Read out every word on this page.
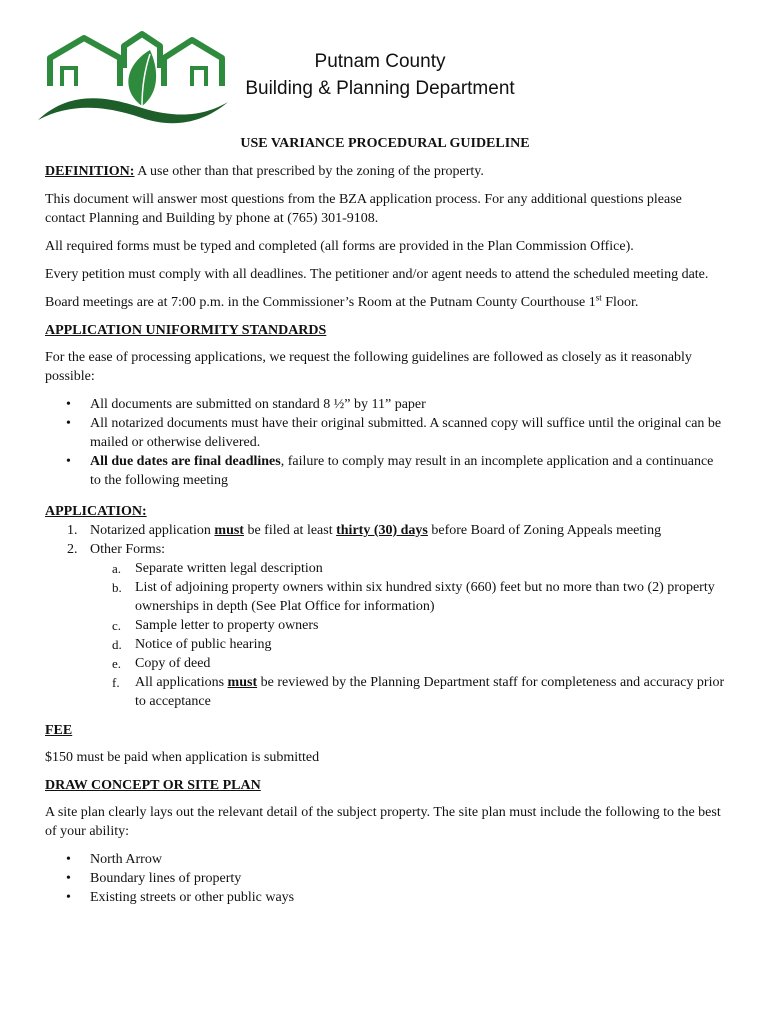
Putnam County
Building & Planning Department
USE VARIANCE PROCEDURAL GUIDELINE

DEFINITION: A use other than that prescribed by the zoning of the property.

This document will answer most questions from the BZA application process. For any additional questions please contact Planning and Building by phone at (765) 301-9108.

All required forms must be typed and completed (all forms are provided in the Plan Commission Office).

Every petition must comply with all deadlines. The petitioner and/or agent needs to attend the scheduled meeting date.

Board meetings are at 7:00 p.m. in the Commissioner’s Room at the Putnam County Courthouse 1st Floor.

APPLICATION UNIFORMITY STANDARDS

For the ease of processing applications, we request the following guidelines are followed as closely as it reasonably possible:

• All documents are submitted on standard 8 ½” by 11” paper
• All notarized documents must have their original submitted. A scanned copy will suffice until the original can be mailed or otherwise delivered.
• All due dates are final deadlines, failure to comply may result in an incomplete application and a continuance to the following meeting
APPLICATION:
1. Notarized application must be filed at least thirty (30) days before Board of Zoning Appeals meeting
2. Other Forms:
a. Separate written legal description
b. List of adjoining property owners within six hundred sixty (660) feet but no more than two (2) property ownerships in depth (See Plat Office for information)
c. Sample letter to property owners
d. Notice of public hearing
e. Copy of deed
f. All applications must be reviewed by the Planning Department staff for completeness and accuracy prior to acceptance
FEE

$150 must be paid when application is submitted

DRAW CONCEPT OR SITE PLAN

A site plan clearly lays out the relevant detail of the subject property. The site plan must include the following to the best of your ability:

• North Arrow
• Boundary lines of property
• Existing streets or other public ways
